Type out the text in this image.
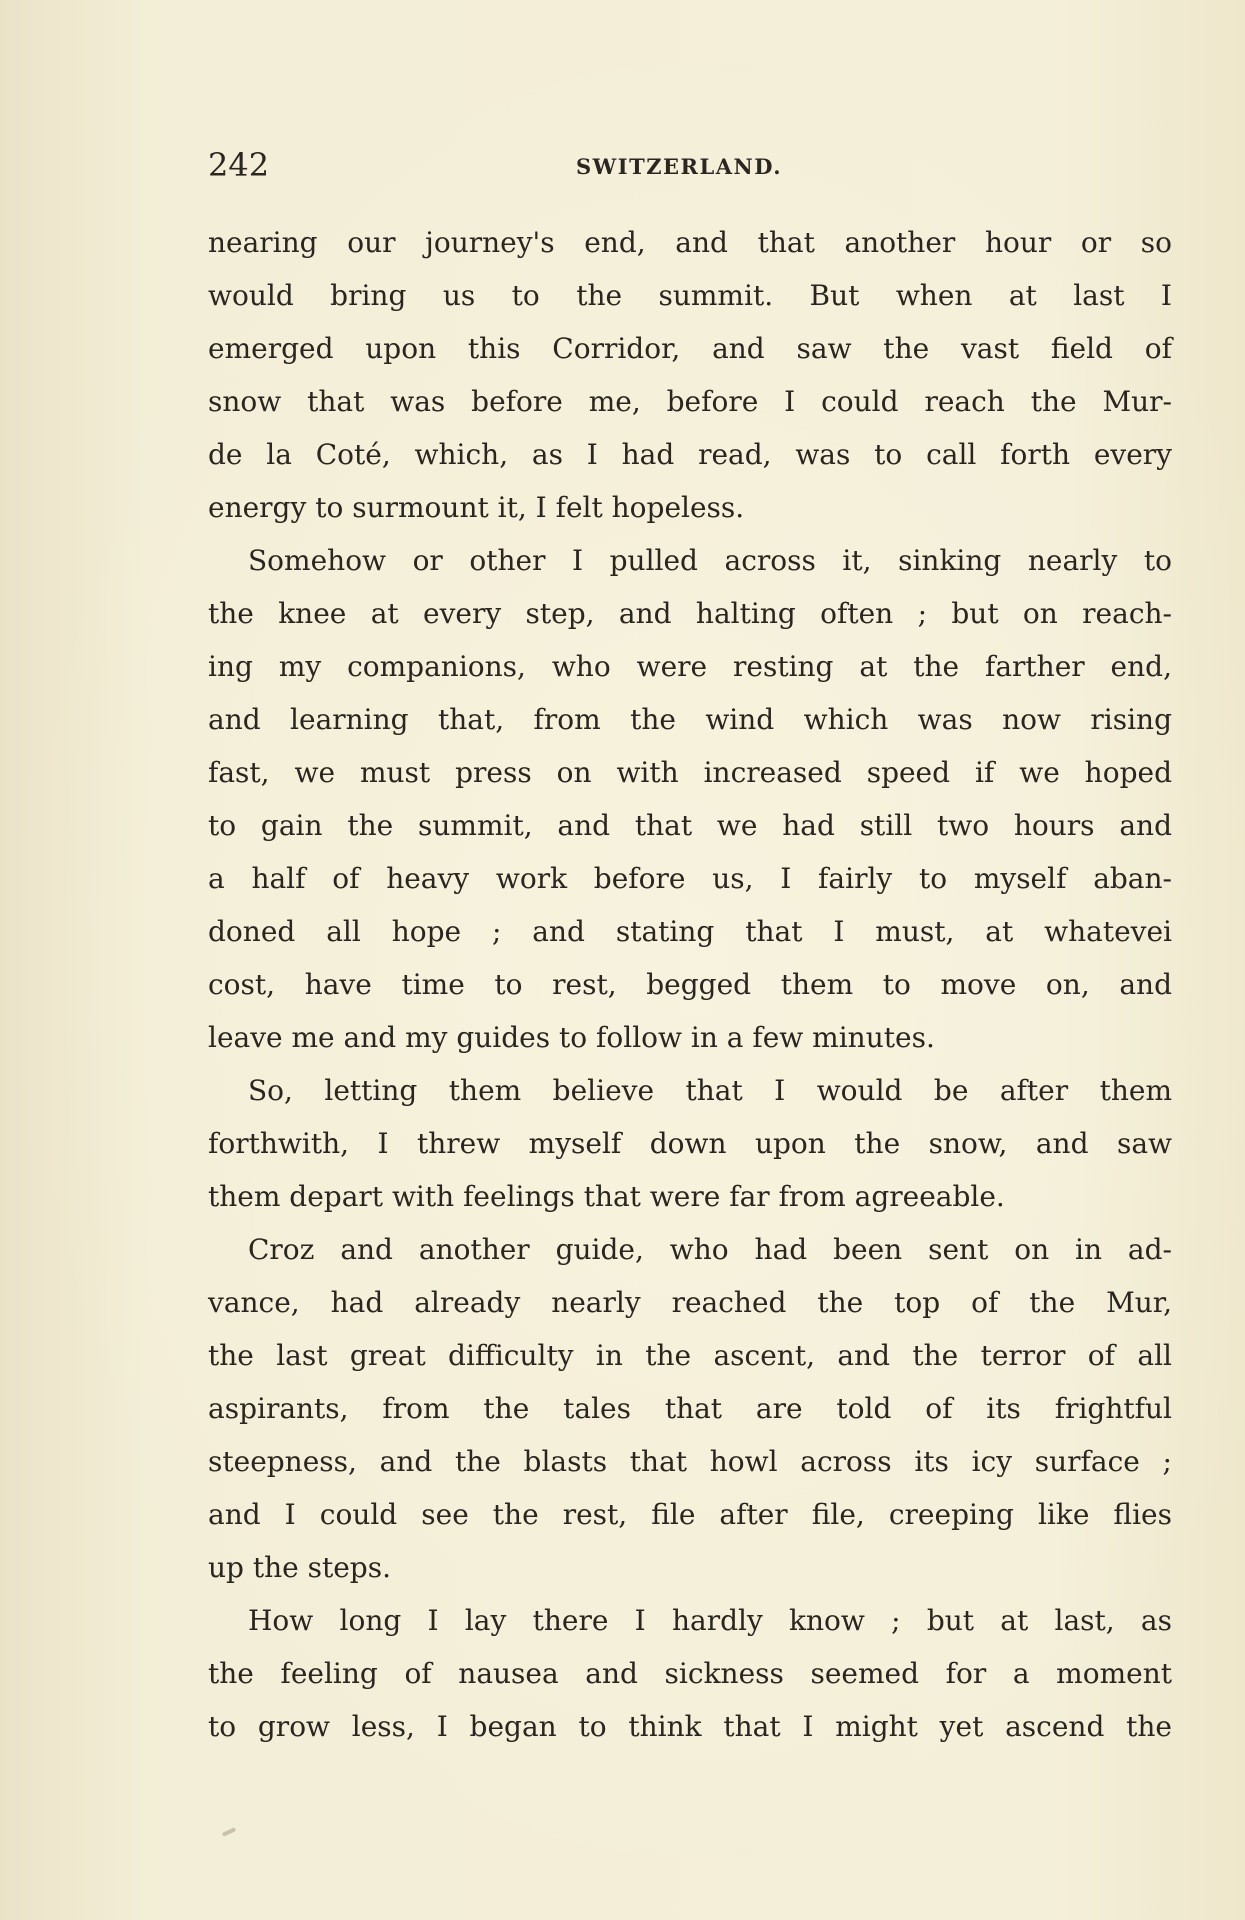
242	SWITZERLAND.
nearing our journey's end, and that another hour or so
would bring us to the summit. But when at last I
emerged upon this Corridor, and saw the vast field of
snow that was before me, before I could reach the Mur-
de la Coté, which, as I had read, was to call forth every
energy to surmount it, I felt hopeless.
Somehow or other I pulled across it, sinking nearly to
the knee at every step, and halting often ; but on reach-
ing my companions, who were resting at the farther end,
and learning that, from the wind which was now rising
fast, we must press on with increased speed if we hoped
to gain the summit, and that we had still two hours and
a half of heavy work before us, I fairly to myself aban-
doned all hope ; and stating that I must, at whatevei
cost, have time to rest, begged them to move on, and
leave me and my guides to follow in a few minutes.
So, letting them believe that I would be after them
forthwith, I threw myself down upon the snow, and saw
them depart with feelings that were far from agreeable.
Croz and another guide, who had been sent on in ad-
vance, had already nearly reached the top of the Mur,
the last great difficulty in the ascent, and the terror of all
aspirants, from the tales that are told of its frightful
steepness, and the blasts that howl across its icy surface ;
and I could see the rest, file after file, creeping like flies
up the steps.
How long I lay there I hardly know ; but at last, as
the feeling of nausea and sickness seemed for a moment
to grow less, I began to think that I might yet ascend the
